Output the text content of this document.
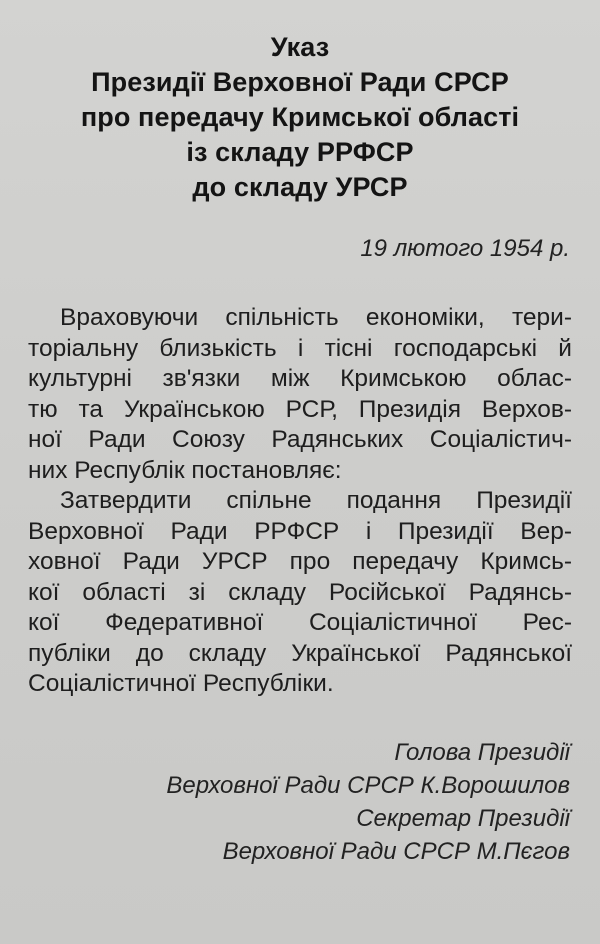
Указ
Президії Верховної Ради СРСР
про передачу Кримської області
із складу РРФСР
до складу УРСР
19 лютого 1954 р.
Враховуючи спільність економіки, тери-
торіальну близькість і тісні господарські й
культурні зв'язки між Кримською облас-
тю та Українською РСР, Президія Верхов-
ної Ради Союзу Радянських Соціалістич-
них Республік постановляє:
Затвердити спільне подання Президії
Верховної Ради РРФСР і Президії Вер-
ховної Ради УРСР про передачу Кримсь-
кої області зі складу Російської Радянсь-
кої Федеративної Соціалістичної Рес-
публіки до складу Української Радянської
Соціалістичної Республіки.
Голова Президії
Верховної Ради СРСР К.Ворошилов
Секретар Президії
Верховної Ради СРСР М.Пєгов
